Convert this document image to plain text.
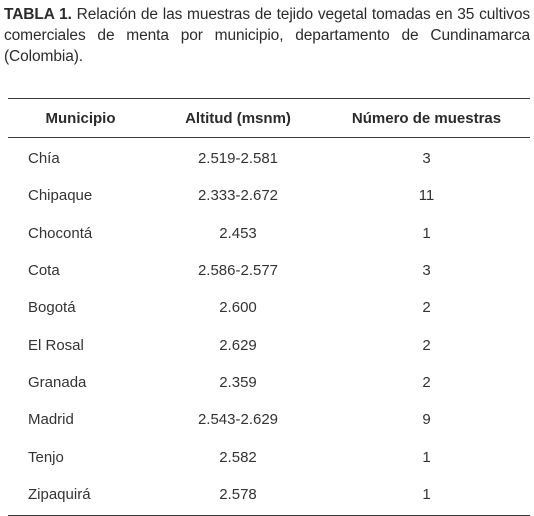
TABLA 1. Relación de las muestras de tejido vegetal tomadas en 35 cultivos comerciales de menta por municipio, departamento de Cundinamarca (Colombia).
Municipio	Altitud (msnm)	Número de muestras
Chía	2.519-2.581	3
Chipaque	2.333-2.672	11
Chocontá	2.453	1
Cota	2.586-2.577	3
Bogotá	2.600	2
El Rosal	2.629	2
Granada	2.359	2
Madrid	2.543-2.629	9
Tenjo	2.582	1
Zipaquirá	2.578	1
